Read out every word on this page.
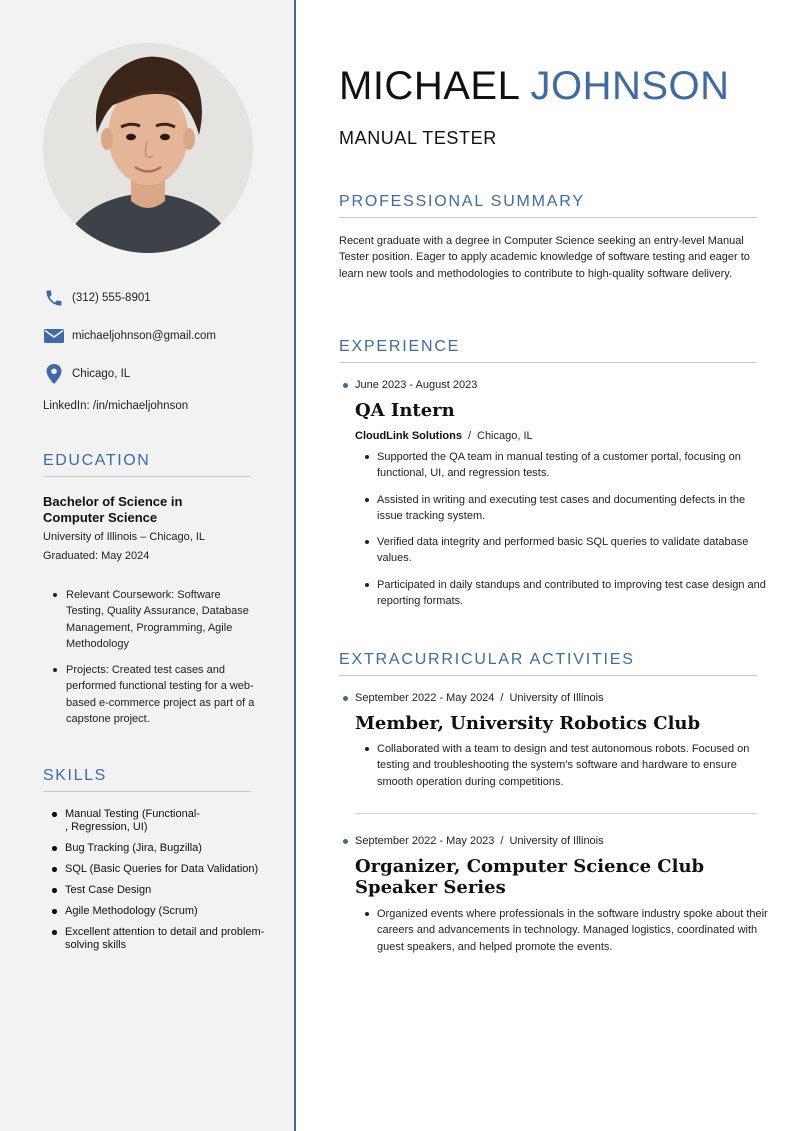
(312) 555-8901
michaeljohnson@gmail.com
Chicago, IL
LinkedIn: /in/michaeljohnson
EDUCATION
Bachelor of Science in Computer Science
University of Illinois – Chicago, IL
Graduated: May 2024
Relevant Coursework: Software Testing, Quality Assurance, Database Management, Programming, Agile Methodology
Projects: Created test cases and performed functional testing for a web-based e-commerce project as part of a capstone project.
SKILLS
Manual Testing (Functional-
, Regression, UI)
Bug Tracking (Jira, Bugzilla)
SQL (Basic Queries for Data Validation)
Test Case Design
Agile Methodology (Scrum)
Excellent attention to detail and problem-solving skills
MICHAEL JOHNSON
MANUAL TESTER
PROFESSIONAL SUMMARY
Recent graduate with a degree in Computer Science seeking an entry-level Manual Tester position. Eager to apply academic knowledge of software testing and eager to learn new tools and methodologies to contribute to high-quality software delivery.
EXPERIENCE
June 2023 - August 2023
QA Intern
CloudLink Solutions / Chicago, IL
Supported the QA team in manual testing of a customer portal, focusing on functional, UI, and regression tests.
Assisted in writing and executing test cases and documenting defects in the issue tracking system.
Verified data integrity and performed basic SQL queries to validate database values.
Participated in daily standups and contributed to improving test case design and reporting formats.
EXTRACURRICULAR ACTIVITIES
September 2022 - May 2024 / University of Illinois
Member, University Robotics Club
Collaborated with a team to design and test autonomous robots. Focused on testing and troubleshooting the system's software and hardware to ensure smooth operation during competitions.
September 2022 - May 2023 / University of Illinois
Organizer, Computer Science Club Speaker Series
Organized events where professionals in the software industry spoke about their careers and advancements in technology. Managed logistics, coordinated with guest speakers, and helped promote the events.
